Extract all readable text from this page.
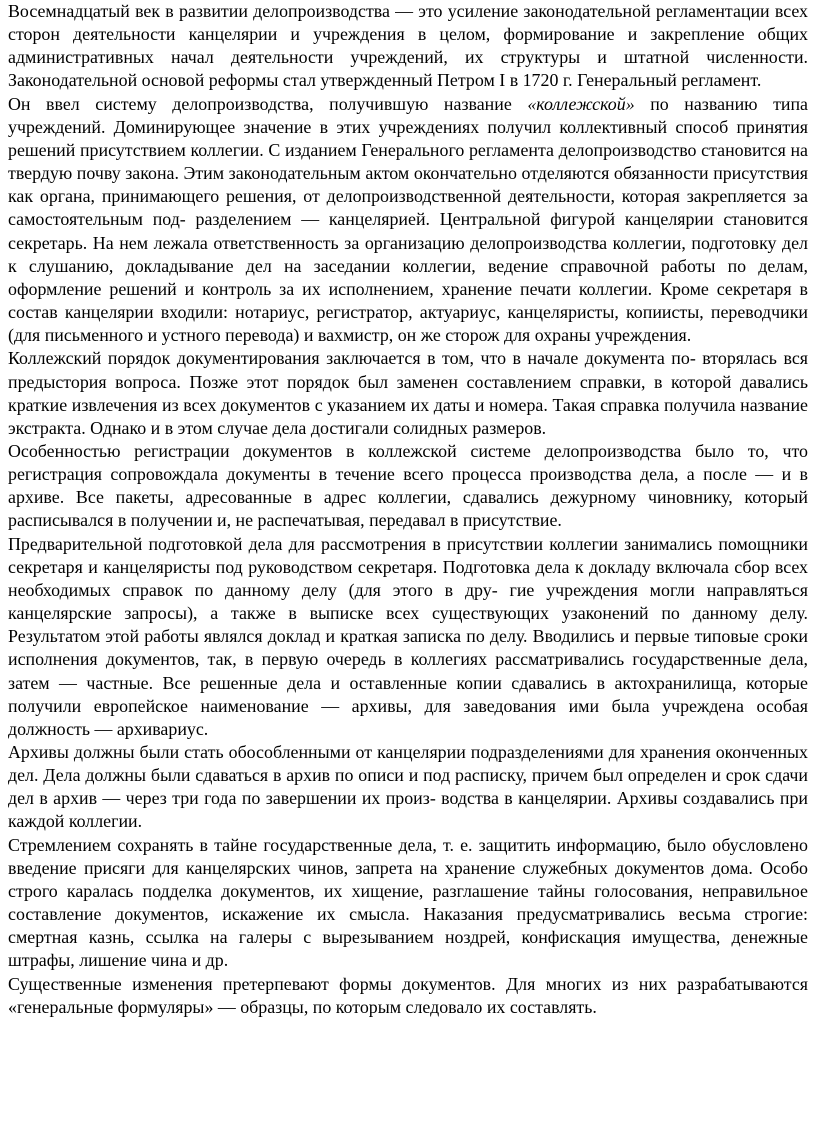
Восемнадцатый век в развитии делопроизводства — это усиление законодательной регламентации всех сторон деятельности канцелярии и учреждения в целом, формирование и закрепление общих административных начал деятельности учреждений, их структуры и штатной численности. Законодательной основой реформы стал утвержденный Петром I в 1720 г. Генеральный регламент.

Он ввел систему делопроизводства, получившую название «коллежской» по названию типа учреждений. Доминирующее значение в этих учреждениях получил коллективный способ принятия решений присутствием коллегии. С изданием Генерального регламента делопроизводство становится на твердую почву закона. Этим законодательным актом окончательно отделяются обязанности присутствия как органа, принимающего решения, от делопроизводственной деятельности, которая закрепляется за самостоятельным под- разделением — канцелярией. Центральной фигурой канцелярии становится секретарь. На нем лежала ответственность за организацию делопроизводства коллегии, подготовку дел к слушанию, докладывание дел на заседании коллегии, ведение справочной работы по делам, оформление решений и контроль за их исполнением, хранение печати коллегии. Кроме секретаря в состав канцелярии входили: нотариус, регистратор, актуариус, канцеляристы, копиисты, переводчики (для письменного и устного перевода) и вахмистр, он же сторож для охраны учреждения.

Коллежский порядок документирования заключается в том, что в начале документа по- вторялась вся предыстория вопроса. Позже этот порядок был заменен составлением справки, в которой давались краткие извлечения из всех документов с указанием их даты и номера. Такая справка получила название экстракта. Однако и в этом случае дела достигали солидных размеров.

Особенностью регистрации документов в коллежской системе делопроизводства было то, что регистрация сопровождала документы в течение всего процесса производства дела, а после — и в архиве. Все пакеты, адресованные в адрес коллегии, сдавались дежурному чиновнику, который расписывался в получении и, не распечатывая, передавал в присутствие.

Предварительной подготовкой дела для рассмотрения в присутствии коллегии занимались помощники секретаря и канцеляристы под руководством секретаря. Подготовка дела к докладу включала сбор всех необходимых справок по данному делу (для этого в дру- гие учреждения могли направляться канцелярские запросы), а также в выписке всех существующих узаконений по данному делу. Результатом этой работы являлся доклад и краткая записка по делу. Вводились и первые типовые сроки исполнения документов, так, в первую очередь в коллегиях рассматривались государственные дела, затем — частные. Все решенные дела и оставленные копии сдавались в актохранилища, которые получили европейское наименование — архивы, для заведования ими была учреждена особая должность — архивариус.

Архивы должны были стать обособленными от канцелярии подразделениями для хранения оконченных дел. Дела должны были сдаваться в архив по описи и под расписку, причем был определен и срок сдачи дел в архив — через три года по завершении их произ- водства в канцелярии. Архивы создавались при каждой коллегии.

Стремлением сохранять в тайне государственные дела, т. е. защитить информацию, было обусловлено введение присяги для канцелярских чинов, запрета на хранение служебных документов дома. Особо строго каралась подделка документов, их хищение, разглашение тайны голосования, неправильное составление документов, искажение их смысла. Наказания предусматривались весьма строгие: смертная казнь, ссылка на галеры с вырезыванием ноздрей, конфискация имущества, денежные штрафы, лишение чина и др.

Существенные изменения претерпевают формы документов. Для многих из них разрабатываются «генеральные формуляры» — образцы, по которым следовало их составлять.
